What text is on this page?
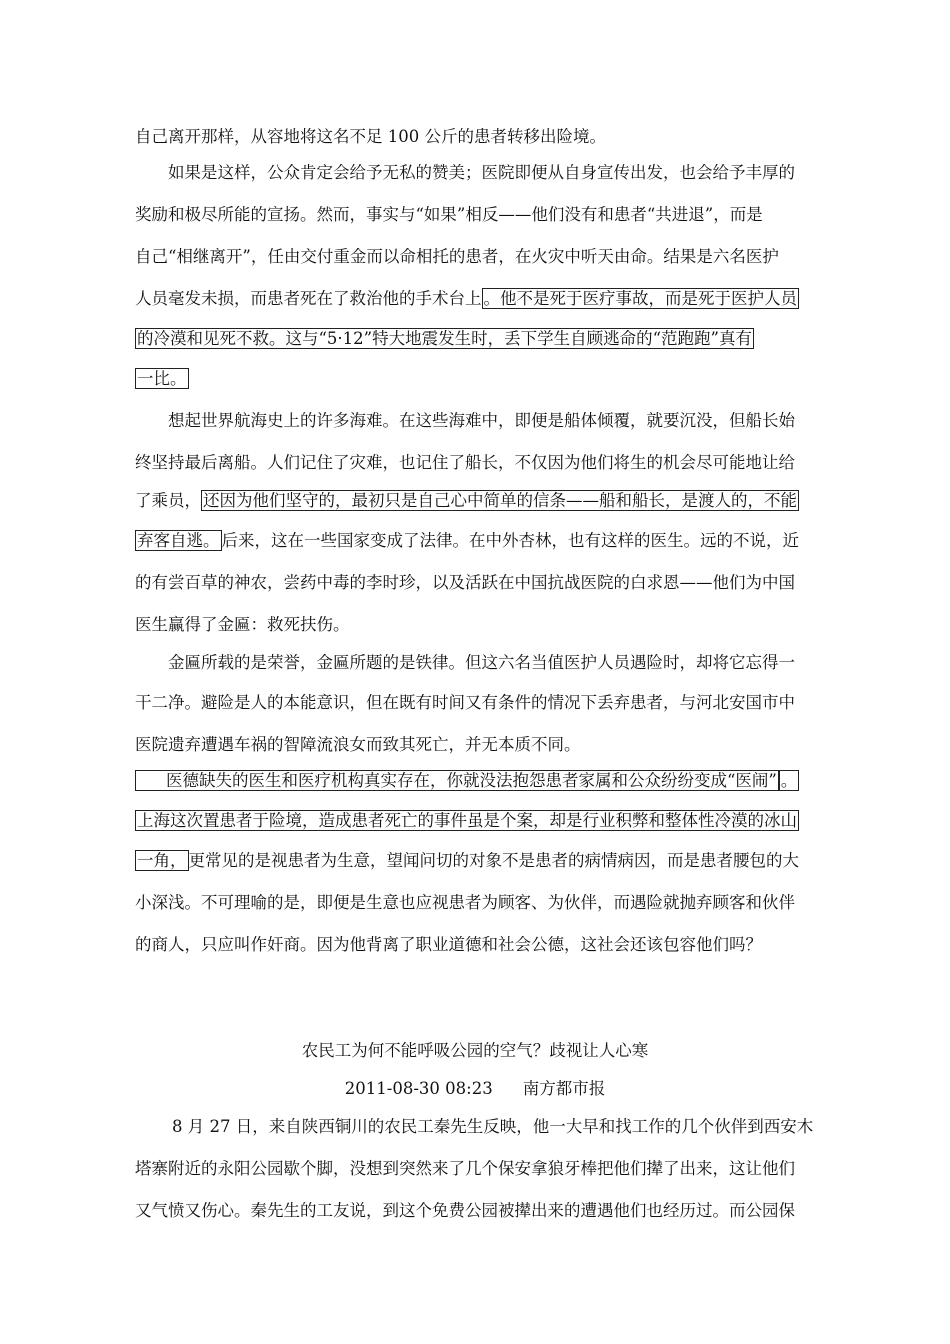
自己离开那样，从容地将这名不足 100 公斤的患者转移出险境。
如果是这样，公众肯定会给予无私的赞美；医院即便从自身宣传出发，也会给予丰厚的
奖励和极尽所能的宣扬。然而，事实与“如果”相反——他们没有和患者“共进退”，而是
自己“相继离开”，任由交付重金而以命相托的患者，在火灾中听天由命。结果是六名医护
人员毫发未损，而患者死在了救治他的手术台上 。他不是死于医疗事故，而是死于医护人员
的冷漠和见死不救。这与“5·12”特大地震发生时，丢下学生自顾逃命的“范跑跑”真有
一比。
想起世界航海史上的许多海难。在这些海难中，即便是船体倾覆，就要沉没，但船长始
终坚持最后离船。人们记住了灾难，也记住了船长，不仅因为他们将生的机会尽可能地让给
了乘员， 还因为他们坚守的，最初只是自己心中简单的信条——船和船长，是渡人的，不能
弃客自逃。 后来，这在一些国家变成了法律。在中外杏林，也有这样的医生。远的不说，近
的有尝百草的神农，尝药中毒的李时珍，以及活跃在中国抗战医院的白求恩——他们为中国
医生赢得了金匾：救死扶伤。
金匾所载的是荣誉，金匾所题的是铁律。但这六名当值医护人员遇险时，却将它忘得一
干二净。避险是人的本能意识，但在既有时间又有条件的情况下丢弃患者，与河北安国市中
医院遗弃遭遇车祸的智障流浪女而致其死亡，并无本质不同。
医德缺失的医生和医疗机构真实存在，你就没法抱怨患者家属和公众纷纷变成“医闹” 。
上海这次置患者于险境，造成患者死亡的事件虽是个案，却是行业积弊和整体性冷漠的冰山
一角， 更常见的是视患者为生意，望闻问切的对象不是患者的病情病因，而是患者腰包的大
小深浅。不可理喻的是，即便是生意也应视患者为顾客、为伙伴，而遇险就抛弃顾客和伙伴
的商人，只应叫作奸商。因为他背离了职业道德和社会公德，这社会还该包容他们吗？
农民工为何不能呼吸公园的空气？歧视让人心寒
2011-08-30 08:23 南方都市报
8 月 27 日，来自陕西铜川的农民工秦先生反映，他一大早和找工作的几个伙伴到西安木
塔寨附近的永阳公园歇个脚，没想到突然来了几个保安拿狼牙棒把他们撵了出来，这让他们
又气愤又伤心。秦先生的工友说，到这个免费公园被撵出来的遭遇他们也经历过。而公园保
